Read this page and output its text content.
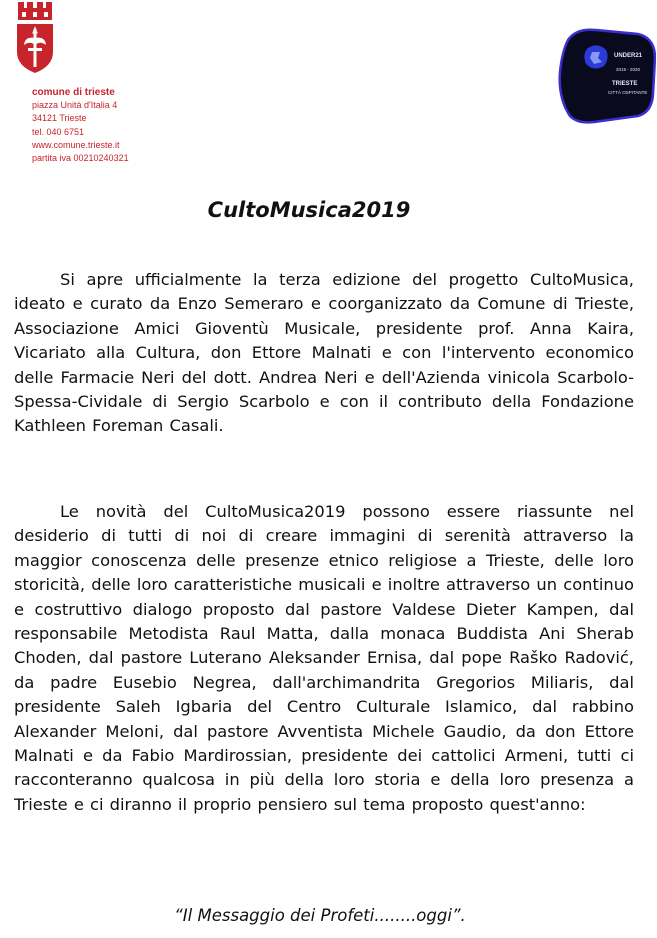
comune di trieste
piazza Unità d'Italia 4
34121 Trieste
tel. 040 6751
www.comune.trieste.it
partita iva 00210240321
UNDER21
2019 - 2020
TRIESTE
CITTÀ OSPITANTE
CultoMusica2019

Si apre ufficialmente la terza edizione del progetto CultoMusica, ideato e curato da Enzo Semeraro e coorganizzato da Comune di Trieste, Associazione Amici Gioventù Musicale, presidente prof. Anna Kaira, Vicariato alla Cultura, don Ettore Malnati e con l'intervento economico delle Farmacie Neri del dott. Andrea Neri e dell'Azienda vinicola Scarbolo-Spessa-Cividale di Sergio Scarbolo e con il contributo della Fondazione Kathleen Foreman Casali.

Le novità del CultoMusica2019 possono essere riassunte nel desiderio di tutti di noi di creare immagini di serenità attraverso la maggior conoscenza delle presenze etnico religiose a Trieste, delle loro storicità, delle loro caratteristiche musicali e inoltre attraverso un continuo e costruttivo dialogo proposto dal pastore Valdese Dieter Kampen, dal responsabile Metodista Raul Matta, dalla monaca Buddista Ani Sherab Choden, dal pastore Luterano Aleksander Ernisa, dal pope Raško Radović, da padre Eusebio Negrea, dall'archimandrita Gregorios Miliaris, dal presidente Saleh Igbaria del Centro Culturale Islamico, dal rabbino Alexander Meloni, dal pastore Avventista Michele Gaudio, da don Ettore Malnati e da Fabio Mardirossian, presidente dei cattolici Armeni, tutti ci racconteranno qualcosa in più della loro storia e della loro presenza a Trieste e ci diranno il proprio pensiero sul tema proposto quest'anno:

“Il Messaggio dei Profeti........oggi”.
